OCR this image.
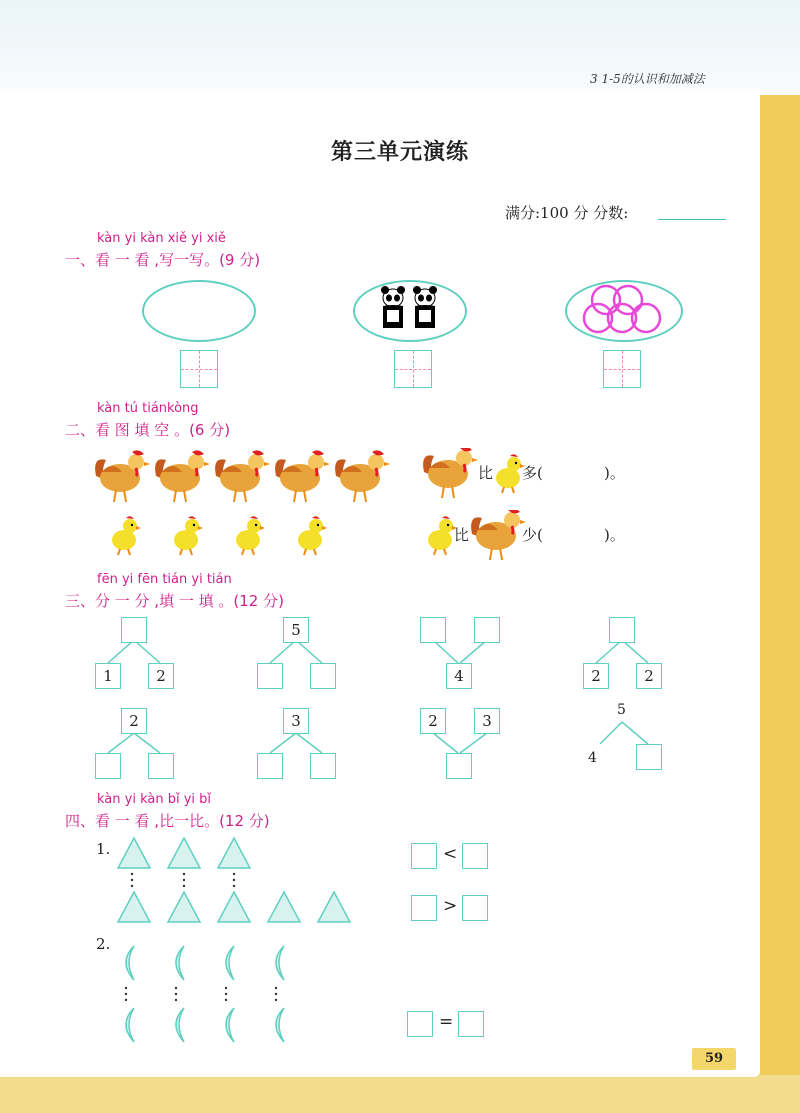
3 1-5的认识和加减法
第三单元演练
满分:100 分 分数:
kàn yi kàn xiě yi xiě
一、看 一 看 ,写一写。(9 分)
kàn tú tiánkòng
二、看 图 填 空 。(6 分)
比 多(	)。
比	少(	)。
fēn yi fēn tián yi tián
三、分 一 分 ,填 一 填 。(12 分)
1	2
5
4	2	2
2	3	2	3
5
4
kàn yi kàn bǐ yi bǐ
四、看 一 看 ,比一比。(12 分)
1.	<
>
2.
=
59
